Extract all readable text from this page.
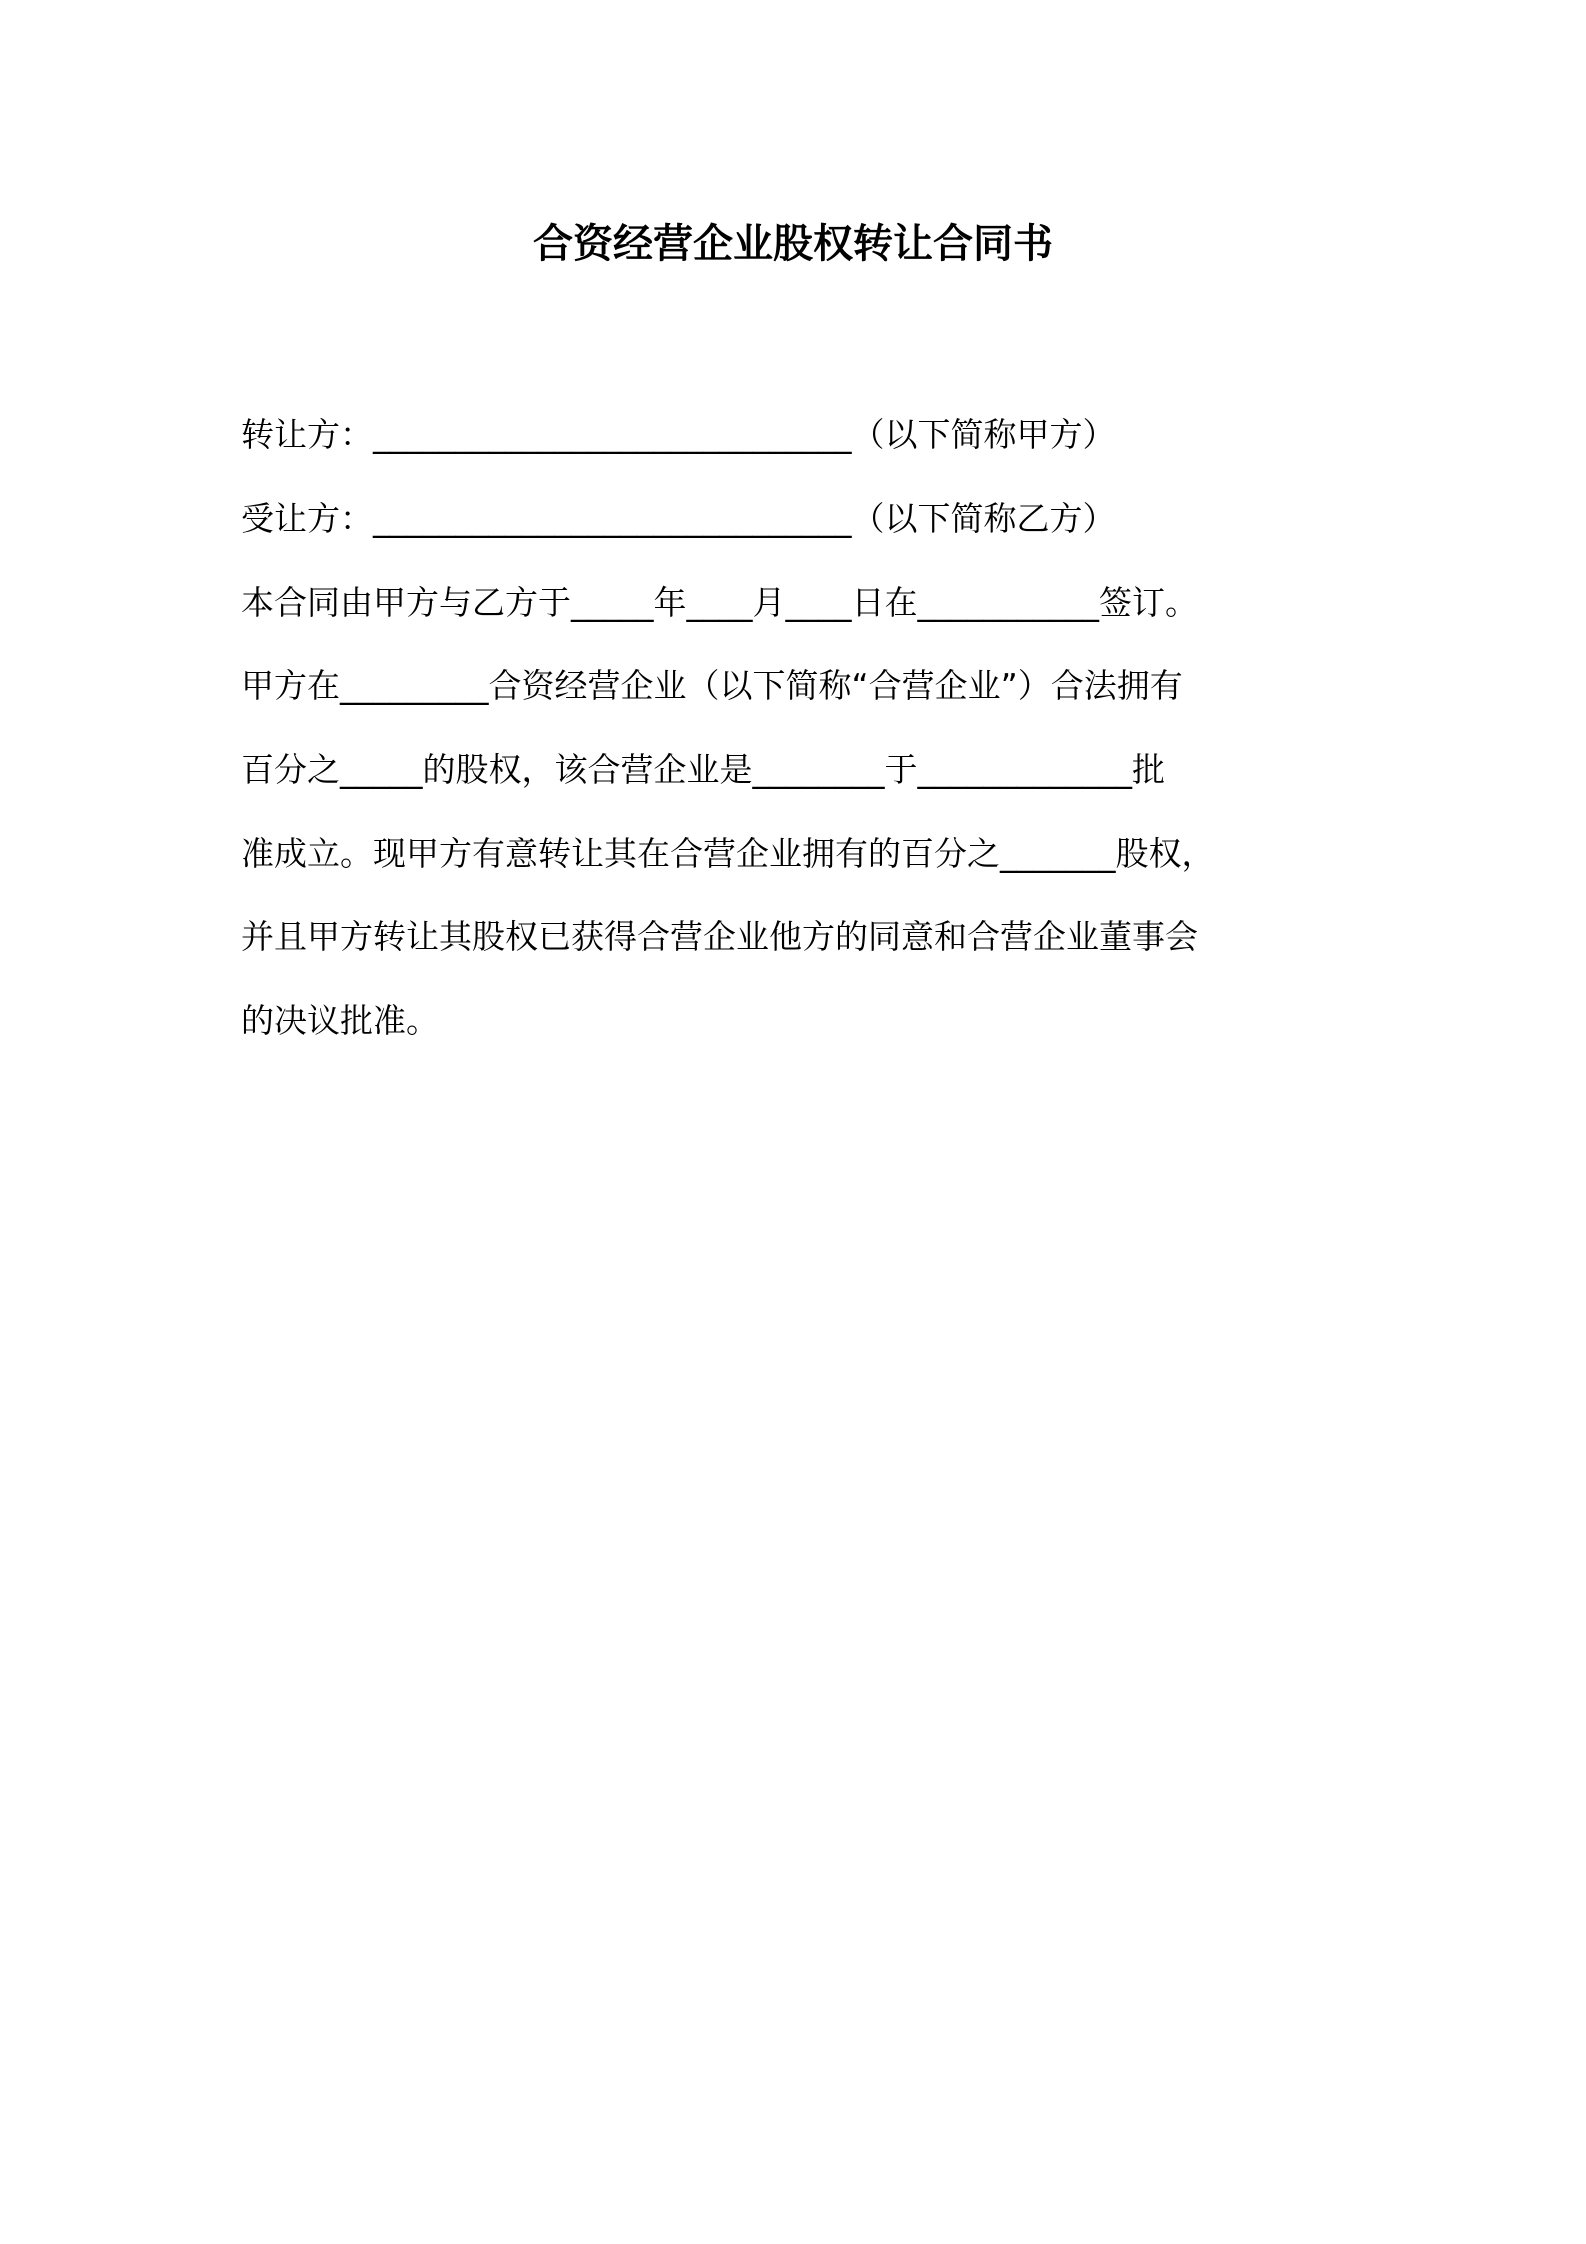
合资经营企业股权转让合同书
转让方：_____________________________（以下简称甲方）
受让方：_____________________________（以下简称乙方）
本合同由甲方与乙方于_____年____月____日在___________签订。
甲方在_________合资经营企业（以下简称“合营企业”）合法拥有
百分之_____的股权，该合营企业是________于_____________批
准成立。现甲方有意转让其在合营企业拥有的百分之_______股权，
并且甲方转让其股权已获得合营企业他方的同意和合营企业董事会
的决议批准。
